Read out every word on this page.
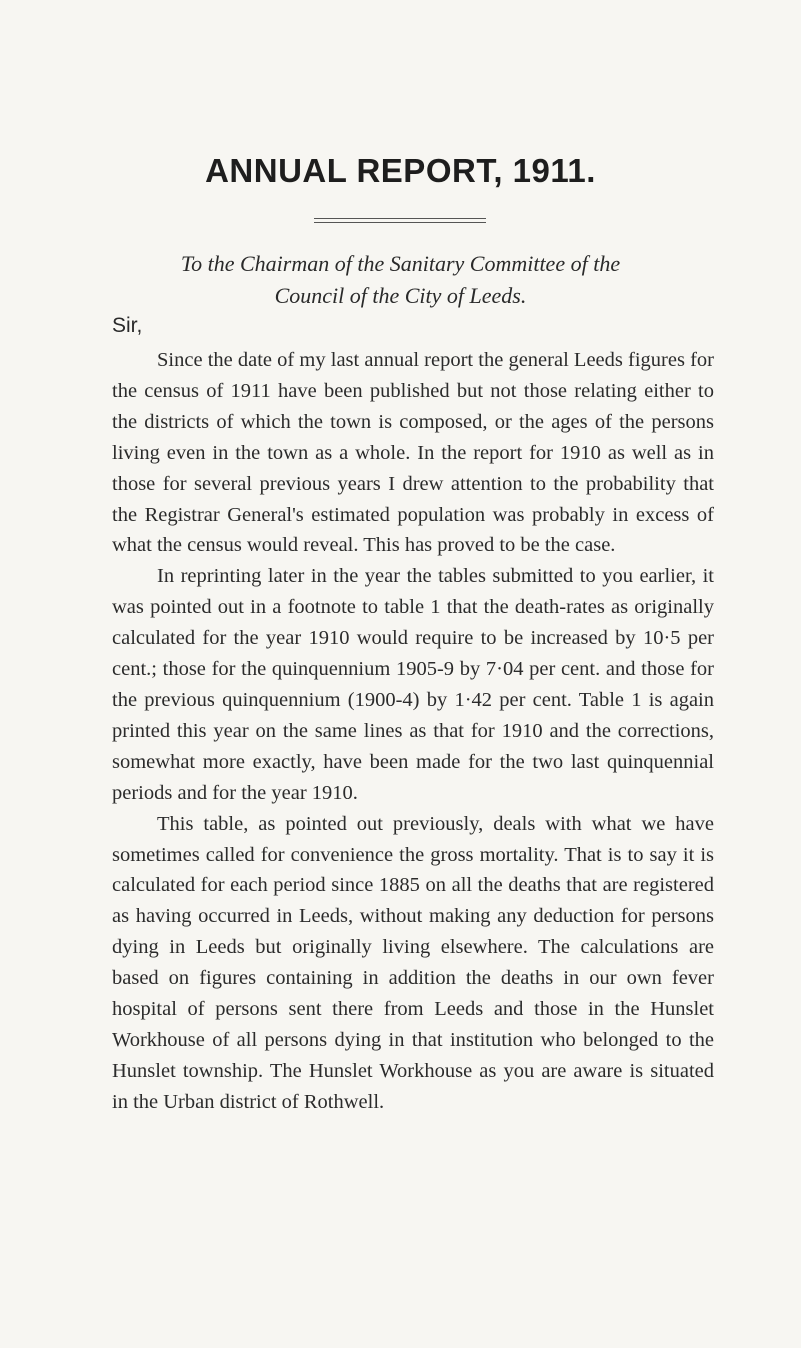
ANNUAL REPORT, 1911.
To the Chairman of the Sanitary Committee of the
Council of the City of Leeds.
Sir,

Since the date of my last annual report the general Leeds figures for the census of 1911 have been published but not those relating either to the districts of which the town is composed, or the ages of the persons living even in the town as a whole. In the report for 1910 as well as in those for several previous years I drew attention to the probability that the Registrar General's estimated population was probably in excess of what the census would reveal. This has proved to be the case.

In reprinting later in the year the tables submitted to you earlier, it was pointed out in a footnote to table 1 that the death-rates as originally calculated for the year 1910 would require to be increased by 10·5 per cent.; those for the quinquennium 1905-9 by 7·04 per cent. and those for the previous quinquennium (1900-4) by 1·42 per cent. Table 1 is again printed this year on the same lines as that for 1910 and the corrections, somewhat more exactly, have been made for the two last quinquennial periods and for the year 1910.

This table, as pointed out previously, deals with what we have sometimes called for convenience the gross mortality. That is to say it is calculated for each period since 1885 on all the deaths that are registered as having occurred in Leeds, without making any deduction for persons dying in Leeds but originally living elsewhere. The calculations are based on figures containing in addition the deaths in our own fever hospital of persons sent there from Leeds and those in the Hunslet Workhouse of all persons dying in that institution who belonged to the Hunslet township. The Hunslet Workhouse as you are aware is situated in the Urban district of Rothwell.
